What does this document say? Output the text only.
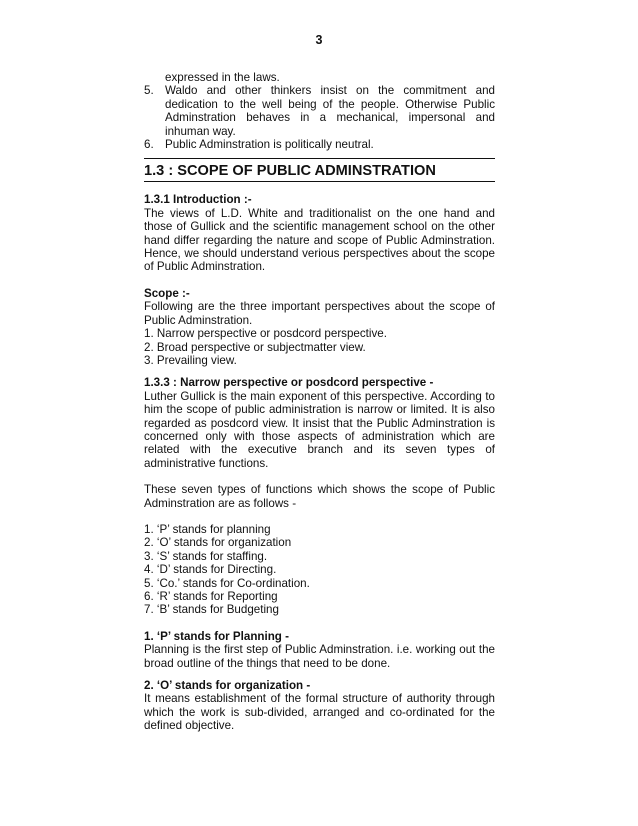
3

expressed in the laws.

5. Waldo and other thinkers insist on the commitment and dedication to the well being of the people. Otherwise Public Adminstration behaves in a mechanical, impersonal and inhuman way.
6. Public Adminstration is politically neutral.
1.3 : SCOPE OF PUBLIC ADMINSTRATION

1.3.1 Introduction :-

The views of L.D. White and traditionalist on the one hand and those of Gullick and the scientific management school on the other hand differ regarding the nature and scope of Public Adminstration. Hence, we should understand verious perspectives about the scope of Public Adminstration.

Scope :-

Following are the three important perspectives about the scope of Public Adminstration.

1. Narrow perspective or posdcord perspective.

2. Broad perspective or subjectmatter view.

3. Prevailing view.

1.3.3 : Narrow perspective or posdcord perspective -

Luther Gullick is the main exponent of this perspective. According to him the scope of public administration is narrow or limited. It is also regarded as posdcord view. It insist that the Public Adminstration is concerned only with those aspects of administration which are related with the executive branch and its seven types of administrative functions.

These seven types of functions which shows the scope of Public Adminstration are as follows -

1. ‘P’ stands for planning

2. ‘O’ stands for organization

3. ‘S’ stands for staffing.

4. ‘D’ stands for Directing.

5. ‘Co.’ stands for Co-ordination.

6. ‘R’ stands for Reporting

7. ‘B’ stands for Budgeting

1. ‘P’ stands for Planning -

Planning is the first step of Public Adminstration. i.e. working out the broad outline of the things that need to be done.

2. ‘O’ stands for organization -

It means establishment of the formal structure of authority through which the work is sub-divided, arranged and co-ordinated for the defined objective.
